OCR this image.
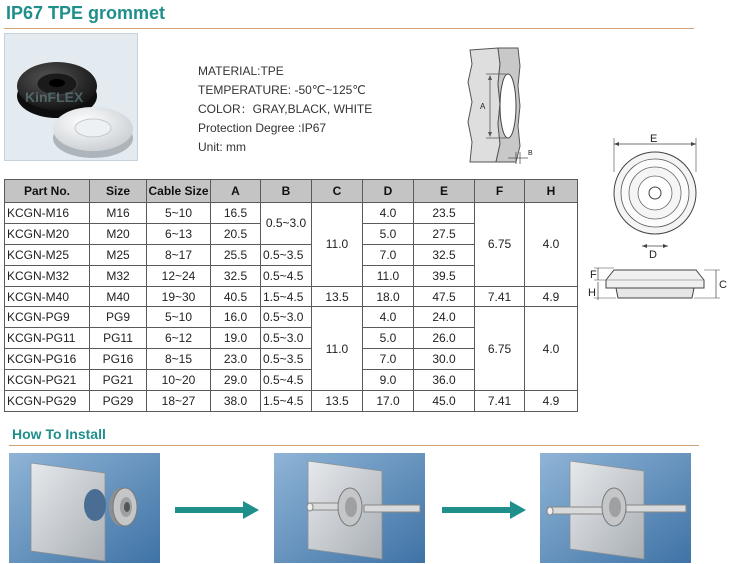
IP67 TPE grommet
KinFLEX
MATERIAL:TPE
TEMPERATURE: -50℃~125℃
COLOR：GRAY,BLACK, WHITE
Protection Degree :IP67
Unit: mm
A
B
E
D
F
H
C
Part No.	Size	Cable Size	A	B	C	D	E	F	H
KCGN-M16	M16	5~10	16.5	0.5~3.0	11.0	4.0	23.5	6.75	4.0
KCGN-M20	M20	6~13	20.5			5.0	27.5		
KCGN-M25	M25	8~17	25.5	0.5~3.5		7.0	32.5		
KCGN-M32	M32	12~24	32.5	0.5~4.5		11.0	39.5		
KCGN-M40	M40	19~30	40.5	1.5~4.5	13.5	18.0	47.5	7.41	4.9
KCGN-PG9	PG9	5~10	16.0	0.5~3.0	11.0	4.0	24.0	6.75	4.0
KCGN-PG11	PG11	6~12	19.0	0.5~3.0		5.0	26.0		
KCGN-PG16	PG16	8~15	23.0	0.5~3.5		7.0	30.0		
KCGN-PG21	PG21	10~20	29.0	0.5~4.5		9.0	36.0		
KCGN-PG29	PG29	18~27	38.0	1.5~4.5	13.5	17.0	45.0	7.41	4.9
How To Install
